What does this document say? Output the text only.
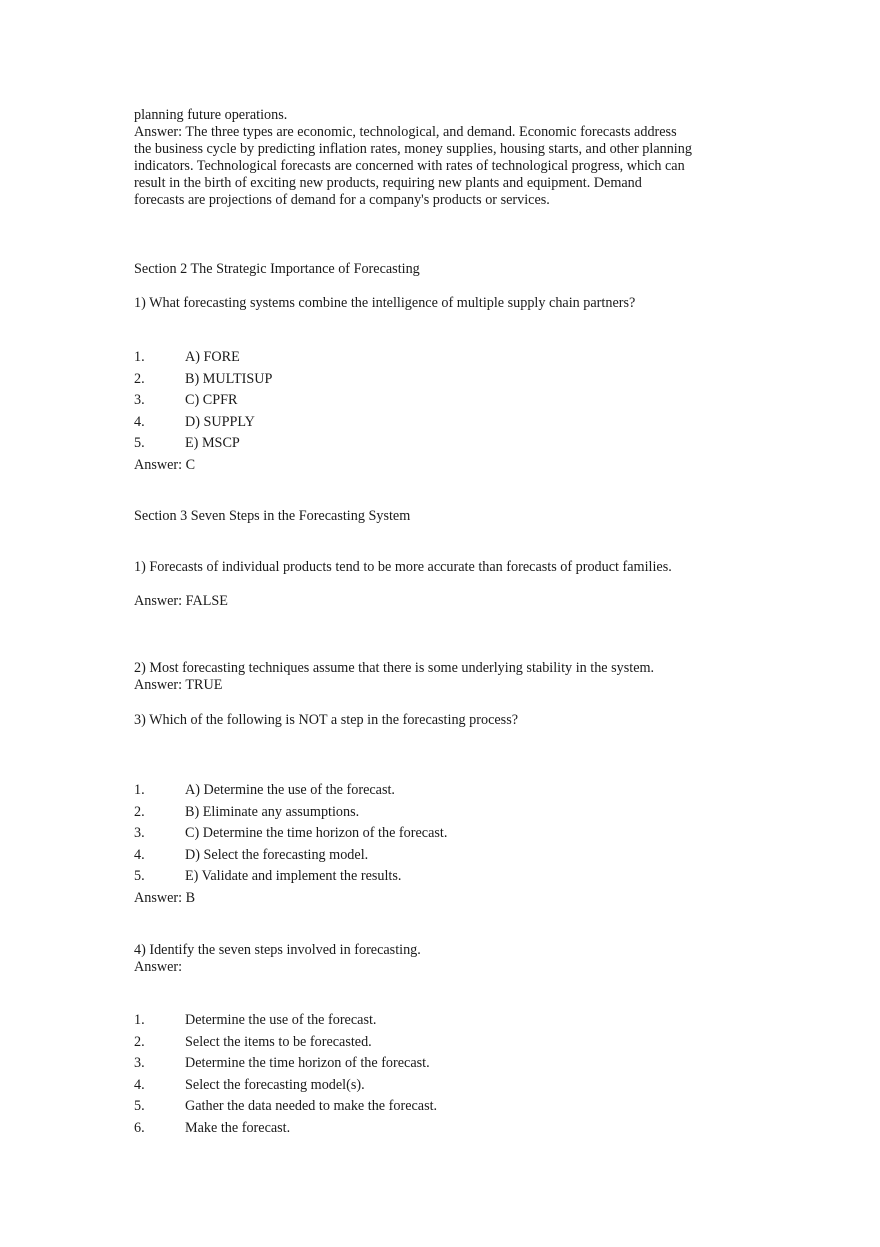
planning future operations.

Answer: The three types are economic, technological, and demand. Economic forecasts address the business cycle by predicting inflation rates, money supplies, housing starts, and other planning indicators. Technological forecasts are concerned with rates of technological progress, which can result in the birth of exciting new products, requiring new plants and equipment. Demand forecasts are projections of demand for a company's products or services.

Section 2 The Strategic Importance of Forecasting

1) What forecasting systems combine the intelligence of multiple supply chain partners?

1.	A) FORE
2.	B) MULTISUP
3.	C) CPFR
4.	D) SUPPLY
5.	E) MSCP

Answer: C

Section 3 Seven Steps in the Forecasting System

1) Forecasts of individual products tend to be more accurate than forecasts of product families.

Answer: FALSE

2) Most forecasting techniques assume that there is some underlying stability in the system. Answer: TRUE

3) Which of the following is NOT a step in the forecasting process?

1.	A) Determine the use of the forecast.
2.	B) Eliminate any assumptions.
3.	C) Determine the time horizon of the forecast.
4.	D) Select the forecasting model.
5.	E) Validate and implement the results.

Answer: B

4) Identify the seven steps involved in forecasting.

Answer:

1.	Determine the use of the forecast.
2.	Select the items to be forecasted.
3.	Determine the time horizon of the forecast.
4.	Select the forecasting model(s).
5.	Gather the data needed to make the forecast.
6.	Make the forecast.
